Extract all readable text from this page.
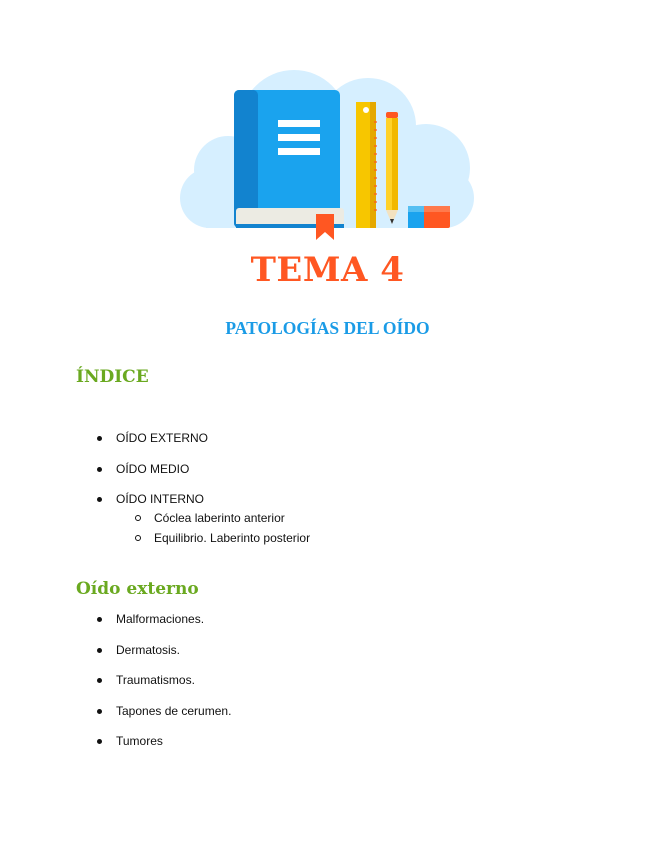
TEMA 4
PATOLOGÍAS DEL OÍDO
ÍNDICE
OÍDO EXTERNO
OÍDO MEDIO
OÍDO INTERNO
Cóclea laberinto anterior
Equilibrio. Laberinto posterior
Oído externo
Malformaciones.
Dermatosis.
Traumatismos.
Tapones de cerumen.
Tumores
